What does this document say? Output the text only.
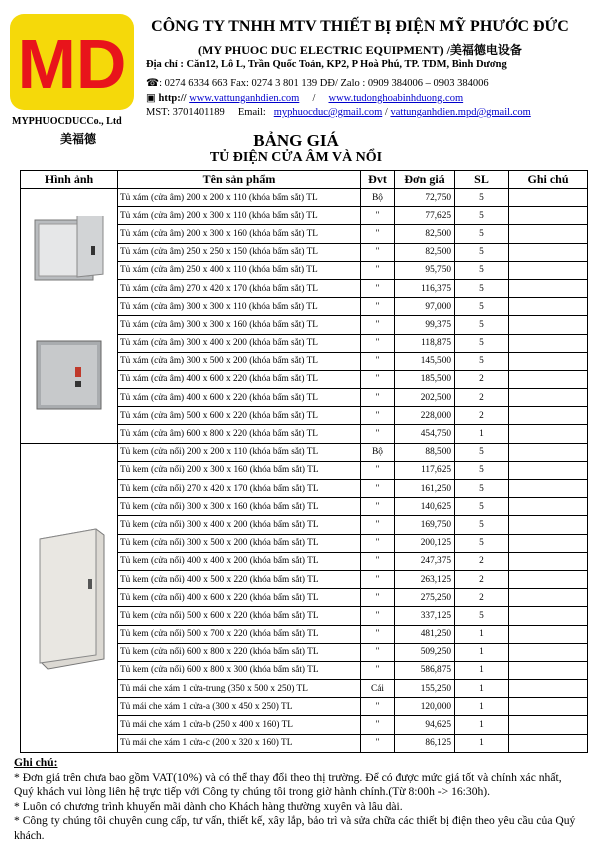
MD
MYPHUOCDUCCo., Ltd
美福德
CÔNG TY TNHH MTV THIẾT BỊ ĐIỆN MỸ PHƯỚC ĐỨC
(MY PHUOC DUC ELECTRIC EQUIPMENT) /美福德电设备
Địa chỉ : Căn12, Lô L, Trần Quốc Toản, KP2, P Hoà Phú, TP. TDM, Bình Dương
☎: 0274 6334 663 Fax: 0274 3 801 139 DĐ/ Zalo : 0909 384006 – 0903 384006
▣ http:// www.vattunganhdien.com / www.tudonghoabinhduong.com
MST: 3701401189 Email: myphuocduc@gmail.com / vattunganhdien.mpd@gmail.com
BẢNG GIÁ
TỦ ĐIỆN CỬA ÂM VÀ NỔI
Hình ảnh	Tên sản phẩm	Đvt	Đơn giá	SL	Ghi chú

	Tủ xám (cửa âm) 200 x 200 x 110 (khóa bấm sắt) TL	Bộ	72,750	5	
	Tủ xám (cửa âm) 200 x 300 x 110 (khóa bấm sắt) TL	"	77,625	5	
	Tủ xám (cửa âm) 200 x 300 x 160 (khóa bấm sắt) TL	"	82,500	5	
	Tủ xám (cửa âm) 250 x 250 x 150 (khóa bấm sắt) TL	"	82,500	5	
	Tủ xám (cửa âm) 250 x 400 x 110 (khóa bấm sắt) TL	"	95,750	5	
	Tủ xám (cửa âm) 270 x 420 x 170 (khóa bấm sắt) TL	"	116,375	5	
	Tủ xám (cửa âm) 300 x 300 x 110 (khóa bấm sắt) TL	"	97,000	5	
	Tủ xám (cửa âm) 300 x 300 x 160 (khóa bấm sắt) TL	"	99,375	5	
	Tủ xám (cửa âm) 300 x 400 x 200 (khóa bấm sắt) TL	"	118,875	5	
	Tủ xám (cửa âm) 300 x 500 x 200 (khóa bấm sắt) TL	"	145,500	5	
	Tủ xám (cửa âm) 400 x 600 x 220 (khóa bấm sắt) TL	"	185,500	2	
	Tủ xám (cửa âm) 400 x 600 x 220 (khóa bấm sắt) TL	"	202,500	2	
	Tủ xám (cửa âm) 500 x 600 x 220 (khóa bấm sắt) TL	"	228,000	2	
	Tủ xám (cửa âm) 600 x 800 x 220 (khóa bấm sắt) TL	"	454,750	1	
	Tủ kem (cửa nổi) 200 x 200 x 110 (khóa bấm sắt) TL	Bộ	88,500	5	
	Tủ kem (cửa nổi) 200 x 300 x 160 (khóa bấm sắt) TL	"	117,625	5	
	Tủ kem (cửa nổi) 270 x 420 x 170 (khóa bấm sắt) TL	"	161,250	5	
	Tủ kem (cửa nổi) 300 x 300 x 160 (khóa bấm sắt) TL	"	140,625	5	
	Tủ kem (cửa nổi) 300 x 400 x 200 (khóa bấm sắt) TL	"	169,750	5	
	Tủ kem (cửa nổi) 300 x 500 x 200 (khóa bấm sắt) TL	"	200,125	5	
	Tủ kem (cửa nổi) 400 x 400 x 200 (khóa bấm sắt) TL	"	247,375	2	
	Tủ kem (cửa nổi) 400 x 500 x 220 (khóa bấm sắt) TL	"	263,125	2	
	Tủ kem (cửa nổi) 400 x 600 x 220 (khóa bấm sắt) TL	"	275,250	2	
	Tủ kem (cửa nổi) 500 x 600 x 220 (khóa bấm sắt) TL	"	337,125	5	
	Tủ kem (cửa nổi) 500 x 700 x 220 (khóa bấm sắt) TL	"	481,250	1	
	Tủ kem (cửa nổi) 600 x 800 x 220 (khóa bấm sắt) TL	"	509,250	1	
	Tủ kem (cửa nổi) 600 x 800 x 300 (khóa bấm sắt) TL	"	586,875	1	
	Tủ mái che xám 1 cửa-trung (350 x 500 x 250) TL	Cái	155,250	1	
	Tủ mái che xám 1 cửa-a (300 x 450 x 250) TL	"	120,000	1	
	Tủ mái che xám 1 cửa-b (250 x 400 x 160) TL	"	94,625	1	
	Tủ mái che xám 1 cửa-c (200 x 320 x 160) TL	"	86,125	1	

Ghi chú:

* Đơn giá trên chưa bao gồm VAT(10%) và có thể thay đổi theo thị trường. Để có được mức giá tốt và chính xác nhất, Quý khách vui lòng liên hệ trực tiếp với Công ty chúng tôi trong giờ hành chính.(Từ 8:00h -> 16:30h).

* Luôn có chương trình khuyến mãi dành cho Khách hàng thường xuyên và lâu dài.

* Công ty chúng tôi chuyên cung cấp, tư vấn, thiết kế, xây lắp, bảo trì và sửa chữa các thiết bị điện theo yêu cầu của Quý khách.
